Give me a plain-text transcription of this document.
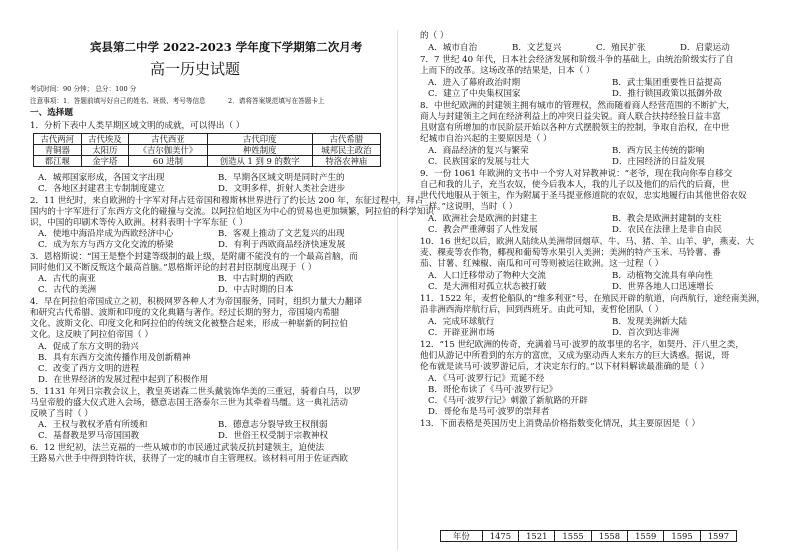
宾县第二中学 2022-2023 学年度下学期第二次月考
高一历史试题
考试时间：90 分钟； 总分：100 分
注意事项：1．答题前填写好自己的姓名、班级、考号等信息	2．请将答案规范填写在答题卡上
一、选择题
1．分析下表中人类早期区域文明的成就，可以得出（ ）
A．城邦国家形成，各国文字出现	B．早期各区域文明是同时产生的
C．各地区封建君主专制制度建立	D．文明多样，折射人类社会进步
2．11 世纪时，来自欧洲的十字军对拜占廷帝国和穆斯林世界进行了约长达 200 年，东征过程中，拜占
国内的十字军进行了东西方文化的碰撞与交流。以阿拉伯地区为中心的贸易也更加频繁，阿拉伯的科学知识
识，中国的印刷术等传入欧洲。材料表明十字军东征（ ）
A．使地中海沿岸成为西欧经济中心	B．客观上推动了文艺复兴的出现
C．成为东方与西方文化交流的桥梁	D．有利于西欧商品经济快速发展
3．恩格斯说：“国王是整个封建等级制的最上级，是附庸不能没有的一个最高首脑，而
同时他们又不断反叛这个最高首脑。”恩格斯评论的封君封臣制度出现于（ ）
A．古代的南亚	B．中古时期的西欧
C．古代的美洲	D．中古时期的日本
4．早在阿拉伯帝国成立之初，积极网罗各种人才为帝国服务，同时，组织力量大力翻译
和研究古代希腊、波斯和印度的文化典籍与著作。经过长期的努力，帝国境内希腊
文化、波斯文化、印度文化和阿拉伯的传统文化被整合起来，形成一种崭新的阿拉伯
文化。这反映了阿拉伯帝国（ ）
A．促成了东方文明的勃兴
B．具有东西方交流传播作用及创新精神
C．改变了西方文明的进程
D．在世界经济的发展过程中起到了积极作用
5．1131 年列日宗教会议上，教皇英诺森二世头戴装饰华美的三重冠，骑着白马，以罗
马皇帝般的盛大仪式进入会场，德意志国王洛泰尔三世为其牵着马缰。这一典礼活动
反映了当时（ ）
A．王权与教权矛盾有所缓和	B．德意志分裂导致王权削弱
C．基督教是罗马帝国国教	D．世俗王权受制于宗教神权
6．12 世纪初，法兰克福的一些从城市的市民通过武装反抗封建领主，迫使法
王路易六世手中得到特许状，获得了一定的城市自主管理权。该材料可用于佐证西欧
古代两河	古代埃及	古代西亚	古代印度	古代希腊
青铜器	太阳历	《吉尔伽美什》	种姓制度	城邦民主政治
都江堰	金字塔	60 进制	创造从 1 到 9 的数字	特洛农神庙
的（ ）
A．城市自治	B．文艺复兴	C．殖民扩张	D．启蒙运动
7．7 世纪 40 年代，日本社会经济发展和阶级斗争的基础上，由统治阶级实行了自
上而下的改革。这场改革的结果是，日本（ ）
A．进入了幕府政治时期	B．武士集团重要性日益提高
C．建立了中央集权国家	D．推行锁国政策以抵御外敌
8．中世纪欧洲的封建领主拥有城市的管理权，然而随着商人经营范围的不断扩大，
商人与封建领主之间在经济利益上的冲突日益尖锐。商人联合扶持经验日益丰富
且财富有所增加的市民阶层开始以各种方式摆脱领主的控制，争取自治权，在中世
纪城市自治兴起的主要原因是（ ）
A．商品经济的复兴与繁荣	B．西方民主传统的影响
C．民族国家的发展与壮大	D．庄园经济的日益发展
9．一份 1061 年欧洲的文书中一个穷人对异教神说：“老爷，现在我向你奉自移交
自己和我的儿子，充当农奴，使今后我本人，我的儿子以及他们的后代的后裔，世
世代代地服从于领主，作为附属于圣马提亚修道院的农奴，忠实地履行由其他世俗农奴
一样。”这说明，当时（ ）
A．欧洲社会是欧洲的封建主	B．教会是欧洲封建制的支柱
C．教会严重薄弱了人性发展	D．农民在法律上是非自由民
10．16 世纪以后，欧洲人陆续从美洲带回烟草、牛、马、猪、羊、山羊、驴，燕麦、大
麦、稞麦等农作物，椰视和葡萄等水果引入美洲；美洲的特产玉米、马铃薯、番
茄、甘薯、红辣椒、南瓜和可可等则被运往欧洲。这一过程（ ）
A．人口迁移带动了物种大交流	B．动植物交流具有单向性
C．是大洲相对孤立状态被打破	D．世界各地人口迅速增长
11．1522 年，麦哲伦船队的“维多利亚”号，在殖民开辟的航道，向西航行，途经南美洲，
沿非洲西海岸航行后，回到西班牙。由此可知，麦哲伦团队（ ）
A．完成环球航行	B．发现美洲新大陆
C．开辟亚洲市场	D．首次到达非洲
12．“15 世纪欧洲的传奇，充满着马可·波罗的故事里的名字，如契丹、汗八里之类，
他们从游记中所看到的东方的富庶，又成为驱动西人来东方的巨大诱惑。据说，哥
伦布就是读马可·波罗游记后，才决定东行的。”以下材料解读最准确的是（ ）
A．《马可·波罗行记》荒诞不经
B．哥伦布读了《马可·波罗行记》
C．《马可·波罗行记》刺激了新航路的开辟
D．哥伦布是马可·波罗的崇拜者
13．下面表格是英国历史上消费品价格指数变化情况，其主要原因是（ ）
年份	1475	1521	1555	1558	1559	1595	1597
